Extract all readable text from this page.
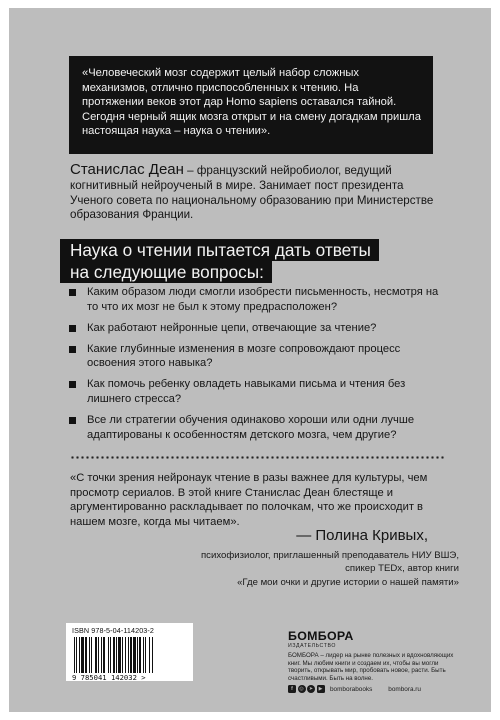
«Человеческий мозг содержит целый набор сложных механизмов, отлично приспособленных к чтению. На протяжении веков этот дар Homo sapiens оставался тайной. Сегодня черный ящик мозга открыт и на смену догадкам пришла настоящая наука – наука о чтении».

Станислас Деан – французский нейробиолог, ведущий когнитивный нейроученый в мире. Занимает пост президента Ученого совета по национальному образованию при Министерстве образования Франции.
Наука о чтении пытается дать ответы
на следующие вопросы:
Каким образом люди смогли изобрести письменность, несмотря на то что их мозг не был к этому предрасположен?
Как работают нейронные цепи, отвечающие за чтение?
Какие глубинные изменения в мозге сопровождают процесс освоения этого навыка?
Как помочь ребенку овладеть навыками письма и чтения без лишнего стресса?
Все ли стратегии обучения одинаково хороши или одни лучше адаптированы к особенностям детского мозга, чем другие?

«С точки зрения нейронаук чтение в разы важнее для культуры, чем просмотр сериалов. В этой книге Станислас Деан блестяще и аргументированно раскладывает по полочкам, что же происходит в нашем мозге, когда мы читаем».

— Полина Кривых,
психофизиолог, приглашенный преподаватель НИУ ВШЭ,
спикер TEDx, автор книги
«Где мои очки и другие истории о нашей памяти»
ISBN 978-5-04-114203-2
9 785041 142032 >
БОМБОРА
ИЗДАТЕЛЬСТВО

БОМБОРА – лидер на рынке полезных и вдохновляющих книг. Мы любим книги и создаем их, чтобы вы могли творить, открывать мир, пробовать новое, расти. Быть счастливыми. Быть на волне.

f	◎	➤	▶	bomborabooks	bombora.ru
